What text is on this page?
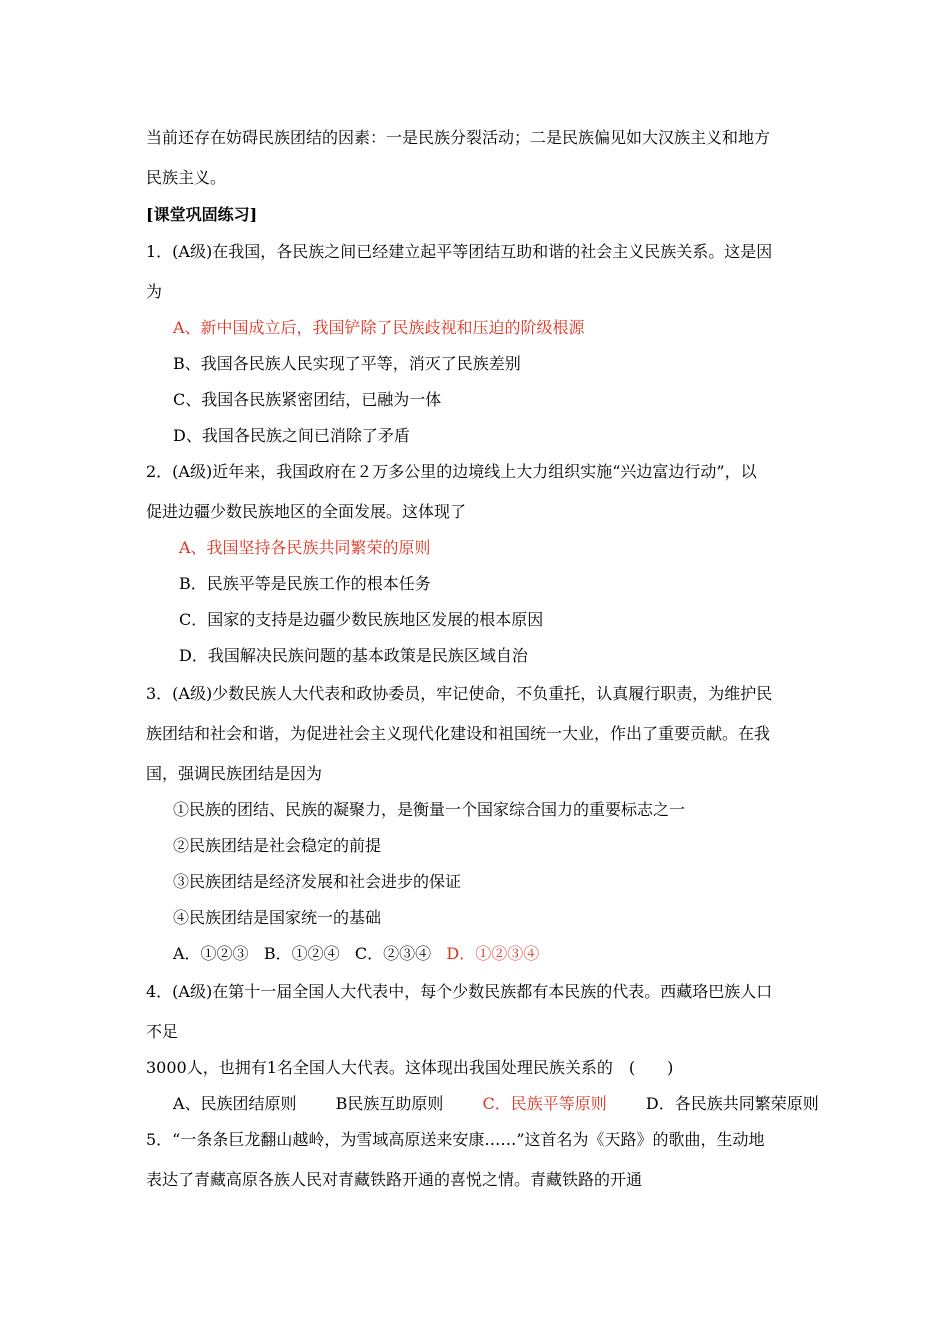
当前还存在妨碍民族团结的因素：一是民族分裂活动；二是民族偏见如大汉族主义和地方
民族主义。
[课堂巩固练习]
1．(A级)在我国，各民族之间已经建立起平等团结互助和谐的社会主义民族关系。这是因
为
A、新中国成立后，我国铲除了民族歧视和压迫的阶级根源
B、我国各民族人民实现了平等，消灭了民族差别
C、我国各民族紧密团结，已融为一体
D、我国各民族之间已消除了矛盾
2．(A级)近年来，我国政府在２万多公里的边境线上大力组织实施“兴边富边行动”，以
促进边疆少数民族地区的全面发展。这体现了
A、我国坚持各民族共同繁荣的原则
B．民族平等是民族工作的根本任务
C．国家的支持是边疆少数民族地区发展的根本原因
D．我国解决民族问题的基本政策是民族区域自治
3．(A级)少数民族人大代表和政协委员，牢记使命，不负重托，认真履行职责，为维护民
族团结和社会和谐，为促进社会主义现代化建设和祖国统一大业，作出了重要贡献。在我
国，强调民族团结是因为
①民族的团结、民族的凝聚力，是衡量一个国家综合国力的重要标志之一
②民族团结是社会稳定的前提
③民族团结是经济发展和社会进步的保证
④民族团结是国家统一的基础
A．①②③ B．①②④ C．②③④ D．①②③④
4．(A级)在第十一届全国人大代表中，每个少数民族都有本民族的代表。西藏珞巴族人口
不足
3000人，也拥有1名全国人大代表。这体现出我国处理民族关系的　(　　)
A、民族团结原则 B民族互助原则 C．民族平等原则 D．各民族共同繁荣原则
5．“一条条巨龙翻山越岭，为雪域高原送来安康……”这首名为《天路》的歌曲，生动地
表达了青藏高原各族人民对青藏铁路开通的喜悦之情。青藏铁路的开通
